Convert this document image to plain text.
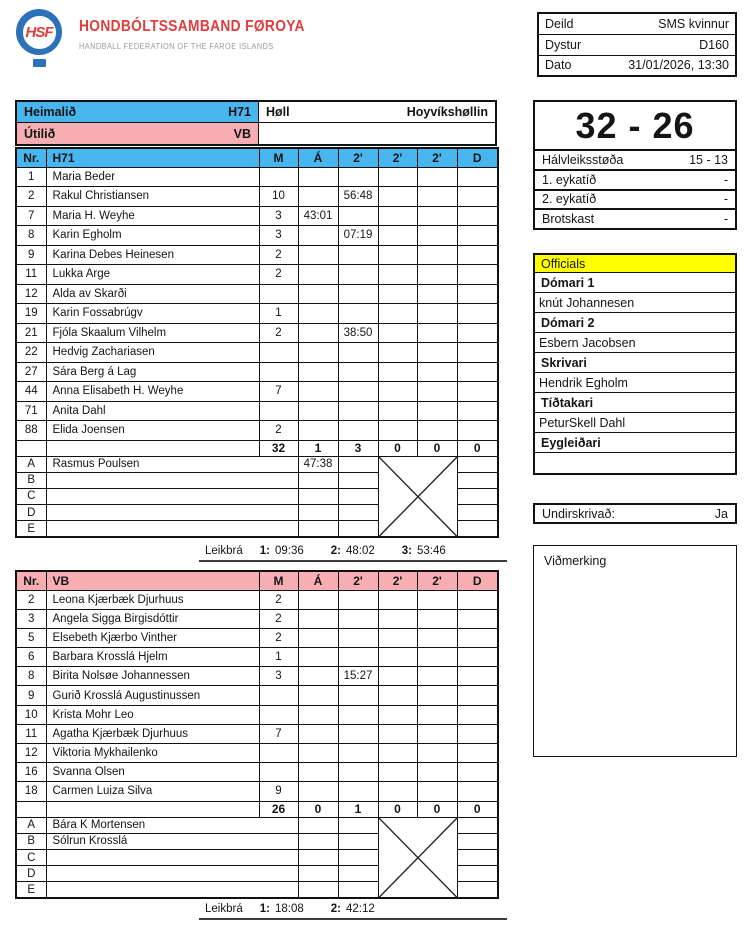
HSF HONDBÓLTSSAMBAND FØROYA
HANDBALL FEDERATION OF THE FAROE ISLANDS
Deild	SMS kvinnur
Dystur	D160
Dato	31/01/2026, 13:30
Heimalið	H71 Høll	Hoyvíkshøllin
Útilið	VB	32 - 26
Hálvleiksstøða	15 - 13
1. eykatíð	-
2. eykatíð	-
Brotskast	-
Nr.	H71	M	Á	2'	2'	2'	D
1	Maria Beder						
2	Rakul Christiansen	10		56:48			
7	Maria H. Weyhe	3	43:01				
8	Karin Egholm	3		07:19			
9	Karina Debes Heinesen	2					
11	Lukka Arge	2					
12	Alda av Skarði						
19	Karin Fossabrúgv	1					
21	Fjóla Skaalum Vilhelm	2		38:50			
22	Hedvig Zachariasen						
27	Sára Berg á Lag						
44	Anna Elisabeth H. Weyhe	7					
71	Anita Dahl						
88	Elida Joensen	2					
		32	1	3	0	0	0
A	Rasmus Poulsen		47:38		

B							
C							
D							
E							
Leikbrá 1: 09:36 2: 48:02 3: 53:46
Nr.	VB	M	Á	2'	2'	2'	D
2	Leona Kjærbæk Djurhuus	2					
3	Angela Sigga Birgisdóttir	2					
5	Elsebeth Kjærbo Vinther	2					
6	Barbara Krosslá Hjelm	1					
8	Birita Nolsøe Johannessen	3		15:27			
9	Gurið Krosslá Augustinussen						
10	Krista Mohr Leo						
11	Agatha Kjærbæk Djurhuus	7					
12	Viktoria Mykhailenko						
16	Svanna Olsen						
18	Carmen Luiza Silva	9					
		26	0	1	0	0	0
A	Bára K Mortensen			

B	Sólrun Krosslá						
C							
D							
E							
Leikbrá 1: 18:08 2: 42:12
Officials
Dómari 1
knút Johannesen
Dómari 2
Esbern Jacobsen
Skrivari
Hendrik Egholm
Tíðtakari
PeturSkell Dahl
Eygleiðari
Undirskrivað:	Ja
Viðmerking
